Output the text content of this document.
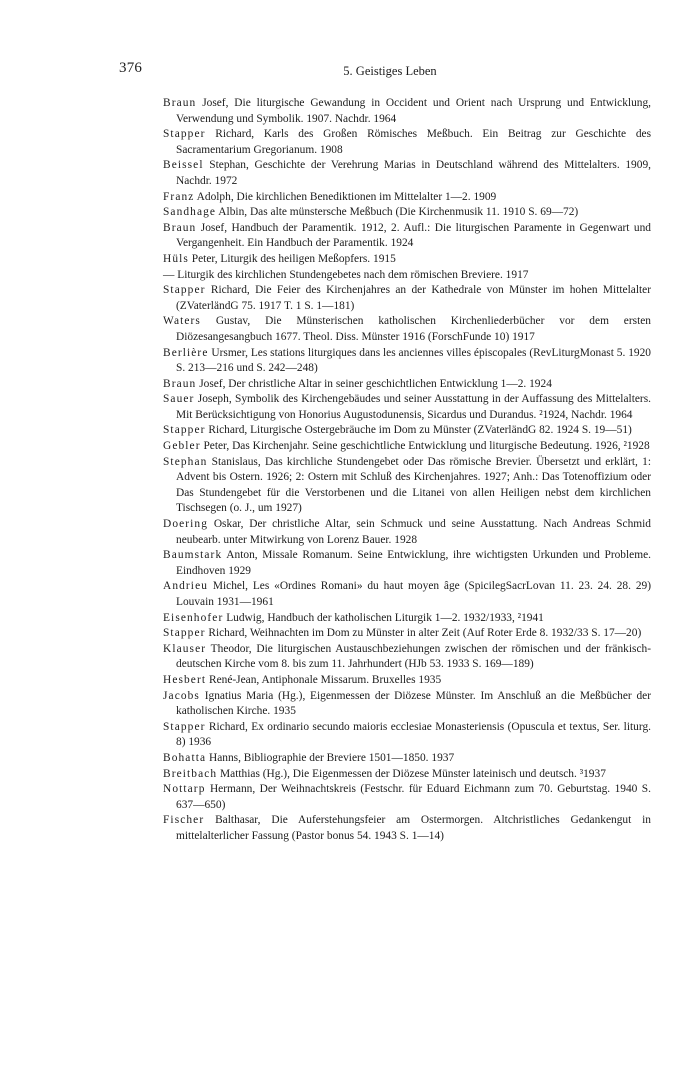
376	5. Geistiges Leben

Braun Josef, Die liturgische Gewandung in Occident und Orient nach Ursprung und Entwicklung, Verwendung und Symbolik. 1907. Nachdr. 1964

Stapper Richard, Karls des Großen Römisches Meßbuch. Ein Beitrag zur Geschichte des Sacramentarium Gregorianum. 1908

Beissel Stephan, Geschichte der Verehrung Marias in Deutschland während des Mittelalters. 1909, Nachdr. 1972

Franz Adolph, Die kirchlichen Benediktionen im Mittelalter 1—2. 1909

Sandhage Albin, Das alte münstersche Meßbuch (Die Kirchenmusik 11. 1910 S. 69—72)

Braun Josef, Handbuch der Paramentik. 1912, 2. Aufl.: Die liturgischen Paramente in Gegenwart und Vergangenheit. Ein Handbuch der Paramentik. 1924

Hüls Peter, Liturgik des heiligen Meßopfers. 1915

— Liturgik des kirchlichen Stundengebetes nach dem römischen Breviere. 1917

Stapper Richard, Die Feier des Kirchenjahres an der Kathedrale von Münster im hohen Mittelalter (ZVaterländG 75. 1917 T. 1 S. 1—181)

Waters Gustav, Die Münsterischen katholischen Kirchenliederbücher vor dem ersten Diözesangesangbuch 1677. Theol. Diss. Münster 1916 (ForschFunde 10) 1917

Berlière Ursmer, Les stations liturgiques dans les anciennes villes épiscopales (RevLiturgMonast 5. 1920 S. 213—216 und S. 242—248)

Braun Josef, Der christliche Altar in seiner geschichtlichen Entwicklung 1—2. 1924

Sauer Joseph, Symbolik des Kirchengebäudes und seiner Ausstattung in der Auffassung des Mittelalters. Mit Berücksichtigung von Honorius Augustodunensis, Sicardus und Durandus. ²1924, Nachdr. 1964

Stapper Richard, Liturgische Ostergebräuche im Dom zu Münster (ZVaterländG 82. 1924 S. 19—51)

Gebler Peter, Das Kirchenjahr. Seine geschichtliche Entwicklung und liturgische Bedeutung. 1926, ²1928

Stephan Stanislaus, Das kirchliche Stundengebet oder Das römische Brevier. Übersetzt und erklärt, 1: Advent bis Ostern. 1926; 2: Ostern mit Schluß des Kirchenjahres. 1927; Anh.: Das Totenoffizium oder Das Stundengebet für die Verstorbenen und die Litanei von allen Heiligen nebst dem kirchlichen Tischsegen (o. J., um 1927)

Doering Oskar, Der christliche Altar, sein Schmuck und seine Ausstattung. Nach Andreas Schmid neubearb. unter Mitwirkung von Lorenz Bauer. 1928

Baumstark Anton, Missale Romanum. Seine Entwicklung, ihre wichtigsten Urkunden und Probleme. Eindhoven 1929

Andrieu Michel, Les «Ordines Romani» du haut moyen âge (SpicilegSacrLovan 11. 23. 24. 28. 29) Louvain 1931—1961

Eisenhofer Ludwig, Handbuch der katholischen Liturgik 1—2. 1932/1933, ²1941

Stapper Richard, Weihnachten im Dom zu Münster in alter Zeit (Auf Roter Erde 8. 1932/33 S. 17—20)

Klauser Theodor, Die liturgischen Austauschbeziehungen zwischen der römischen und der fränkisch-deutschen Kirche vom 8. bis zum 11. Jahrhundert (HJb 53. 1933 S. 169—189)

Hesbert René-Jean, Antiphonale Missarum. Bruxelles 1935

Jacobs Ignatius Maria (Hg.), Eigenmessen der Diözese Münster. Im Anschluß an die Meßbücher der katholischen Kirche. 1935

Stapper Richard, Ex ordinario secundo maioris ecclesiae Monasteriensis (Opuscula et textus, Ser. liturg. 8) 1936

Bohatta Hanns, Bibliographie der Breviere 1501—1850. 1937

Breitbach Matthias (Hg.), Die Eigenmessen der Diözese Münster lateinisch und deutsch. ³1937

Nottarp Hermann, Der Weihnachtskreis (Festschr. für Eduard Eichmann zum 70. Geburtstag. 1940 S. 637—650)

Fischer Balthasar, Die Auferstehungsfeier am Ostermorgen. Altchristliches Gedankengut in mittelalterlicher Fassung (Pastor bonus 54. 1943 S. 1—14)
